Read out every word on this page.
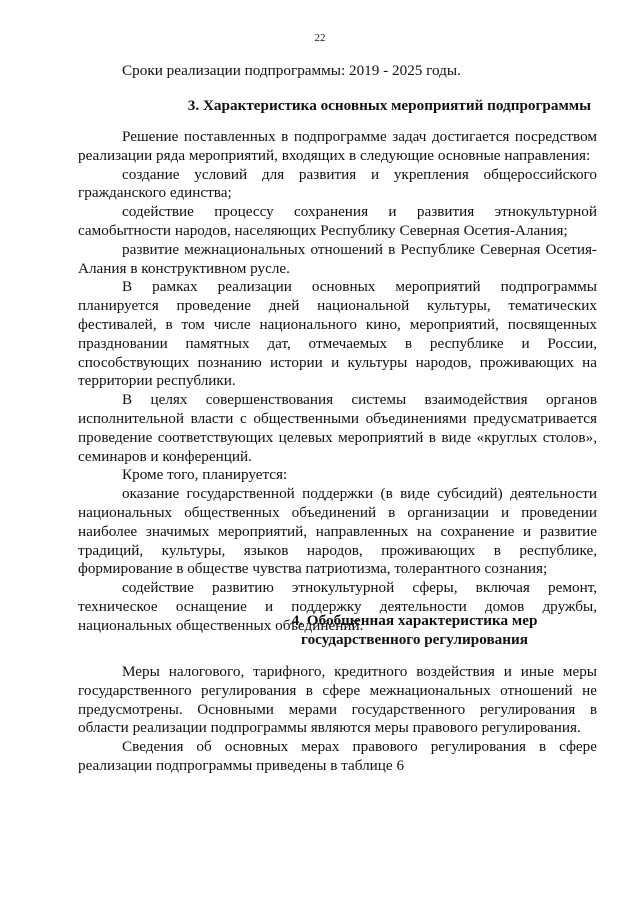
22
Сроки реализации подпрограммы: 2019 - 2025 годы.
3. Характеристика основных мероприятий подпрограммы

Решение поставленных в подпрограмме задач достигается посредством реализации ряда мероприятий, входящих в следующие основные направления:

создание условий для развития и укрепления общероссийского гражданского единства;

содействие процессу сохранения и развития этнокультурной самобытности народов, населяющих Республику Северная Осетия-Алания;

развитие межнациональных отношений в Республике Северная Осетия-Алания в конструктивном русле.

В рамках реализации основных мероприятий подпрограммы планируется проведение дней национальной культуры, тематических фестивалей, в том числе национального кино, мероприятий, посвященных праздновании памятных дат, отмечаемых в республике и России, способствующих познанию истории и культуры народов, проживающих на территории республики.

В целях совершенствования системы взаимодействия органов исполнительной власти с общественными объединениями предусматривается проведение соответствующих целевых мероприятий в виде «круглых столов», семинаров и конференций.

Кроме того, планируется:

оказание государственной поддержки (в виде субсидий) деятельности национальных общественных объединений в организации и проведении наиболее значимых мероприятий, направленных на сохранение и развитие традиций, культуры, языков народов, проживающих в республике, формирование в обществе чувства патриотизма, толерантного сознания;

содействие развитию этнокультурной сферы, включая ремонт, техническое оснащение и поддержку деятельности домов дружбы, национальных общественных объединений.

4. Обобщенная характеристика мер
государственного регулирования

Меры налогового, тарифного, кредитного воздействия и иные меры государственного регулирования в сфере межнациональных отношений не предусмотрены. Основными мерами государственного регулирования в области реализации подпрограммы являются меры правового регулирования.

Сведения об основных мерах правового регулирования в сфере реализации подпрограммы приведены в таблице 6
